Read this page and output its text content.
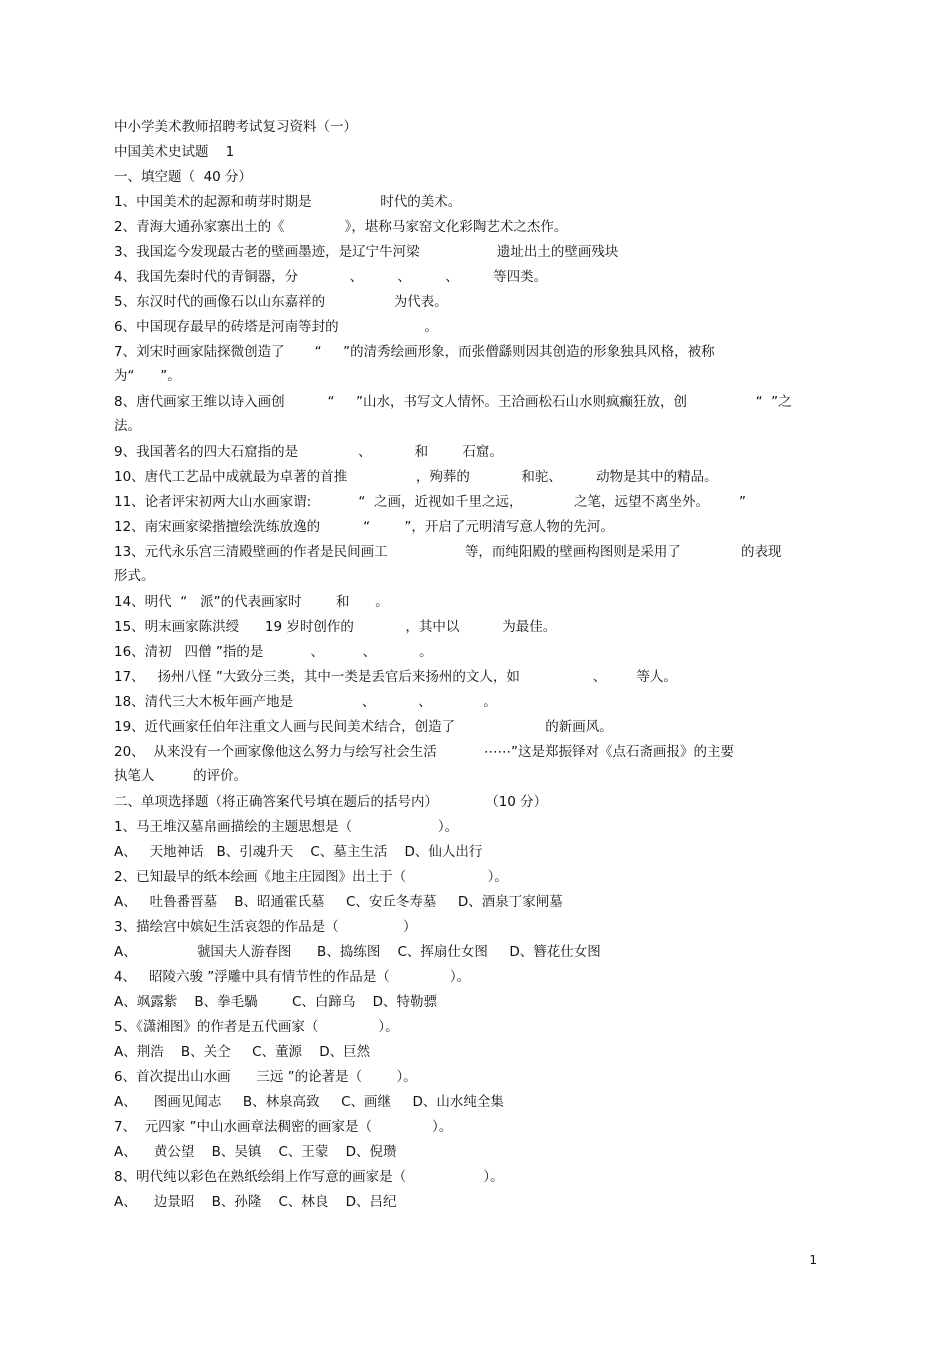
中小学美术教师招聘考试复习资料（一）
中国美术史试题    1
一、填空题（  40 分）
1、中国美术的起源和萌芽时期是                时代的美术。
2、青海大通孙家寨出土的《              》，堪称马家窑文化彩陶艺术之杰作。
3、我国迄今发现最古老的壁画墨迹，是辽宁牛河梁                  遗址出土的壁画残块
4、我国先秦时代的青铜器，分            、        、        、        等四类。
5、东汉时代的画像石以山东嘉祥的                为代表。
6、中国现存最早的砖塔是河南等封的                    。
7、刘宋时画家陆探微创造了       “     ”的清秀绘画形象，而张僧繇则因其创造的形象独具风格，被称
为“      ”。
8、唐代画家王维以诗入画创          “     ”山水，书写文人情怀。王洽画松石山水则疯癫狂放，创                “  ”之
法。
9、我国著名的四大石窟指的是              、          和        石窟。
10、唐代工艺品中成就最为卓著的首推                ，殉葬的            和驼、        动物是其中的精品。
11、论者评宋初两大山水画家谓:           “  之画，近视如千里之远，            之笔，远望不离坐外。       ”
12、南宋画家梁揩擅绘洗练放逸的          “        ”，开启了元明清写意人物的先河。
13、元代永乐宫三清殿壁画的作者是民间画工                  等，而纯阳殿的壁画构图则是采用了              的表现
形式。
14、明代  “   派”的代表画家时        和      。
15、明末画家陈洪绶      19 岁时创作的            ，其中以          为最佳。
16、清初   四僧 ”指的是           、         、          。
17、   扬州八怪 ”大致分三类，其中一类是丢官后来扬州的文人，如                 、       等人。
18、清代三大木板年画产地是                、          、            。
19、近代画家任伯年注重文人画与民间美术结合，创造了                     的新画风。
20、  从来没有一个画家像他这么努力与绘写社会生活           ⋯⋯”这是郑振铎对《点石斋画报》的主要
执笔人         的评价。
二、单项选择题（将正确答案代号填在题后的括号内）           （10 分）
1、马王堆汉墓帛画描绘的主题思想是（                    ）。
A、   天地神话   B、引魂升天    C、墓主生活    D、仙人出行
2、已知最早的纸本绘画《地主庄园图》出土于（                   ）。
A、   吐鲁番晋墓    B、昭通霍氏墓     C、安丘冬寿墓     D、酒泉丁家闸墓
3、描绘宫中嫔妃生活哀怨的作品是（               ）
A、              虢国夫人游春图      B、捣练图    C、挥扇仕女图     D、簪花仕女图
4、   昭陵六骏 ”浮雕中具有情节性的作品是（              ）。
A、飒露紫    B、拳毛騧        C、白蹄乌    D、特勒骠
5、《潇湘图》的作者是五代画家（              ）。
A、荆浩    B、关仝     C、董源    D、巨然
6、首次提出山水画      三远 ”的论著是（        ）。
A、    图画见闻志     B、林泉高致     C、画继     D、山水纯全集
7、  元四家 ”中山水画章法稠密的画家是（              ）。
A、    黄公望    B、吴镇    C、王蒙    D、倪瓒
8、明代纯以彩色在熟纸绘绢上作写意的画家是（                  ）。
A、    边景昭    B、孙隆    C、林良    D、吕纪
1
